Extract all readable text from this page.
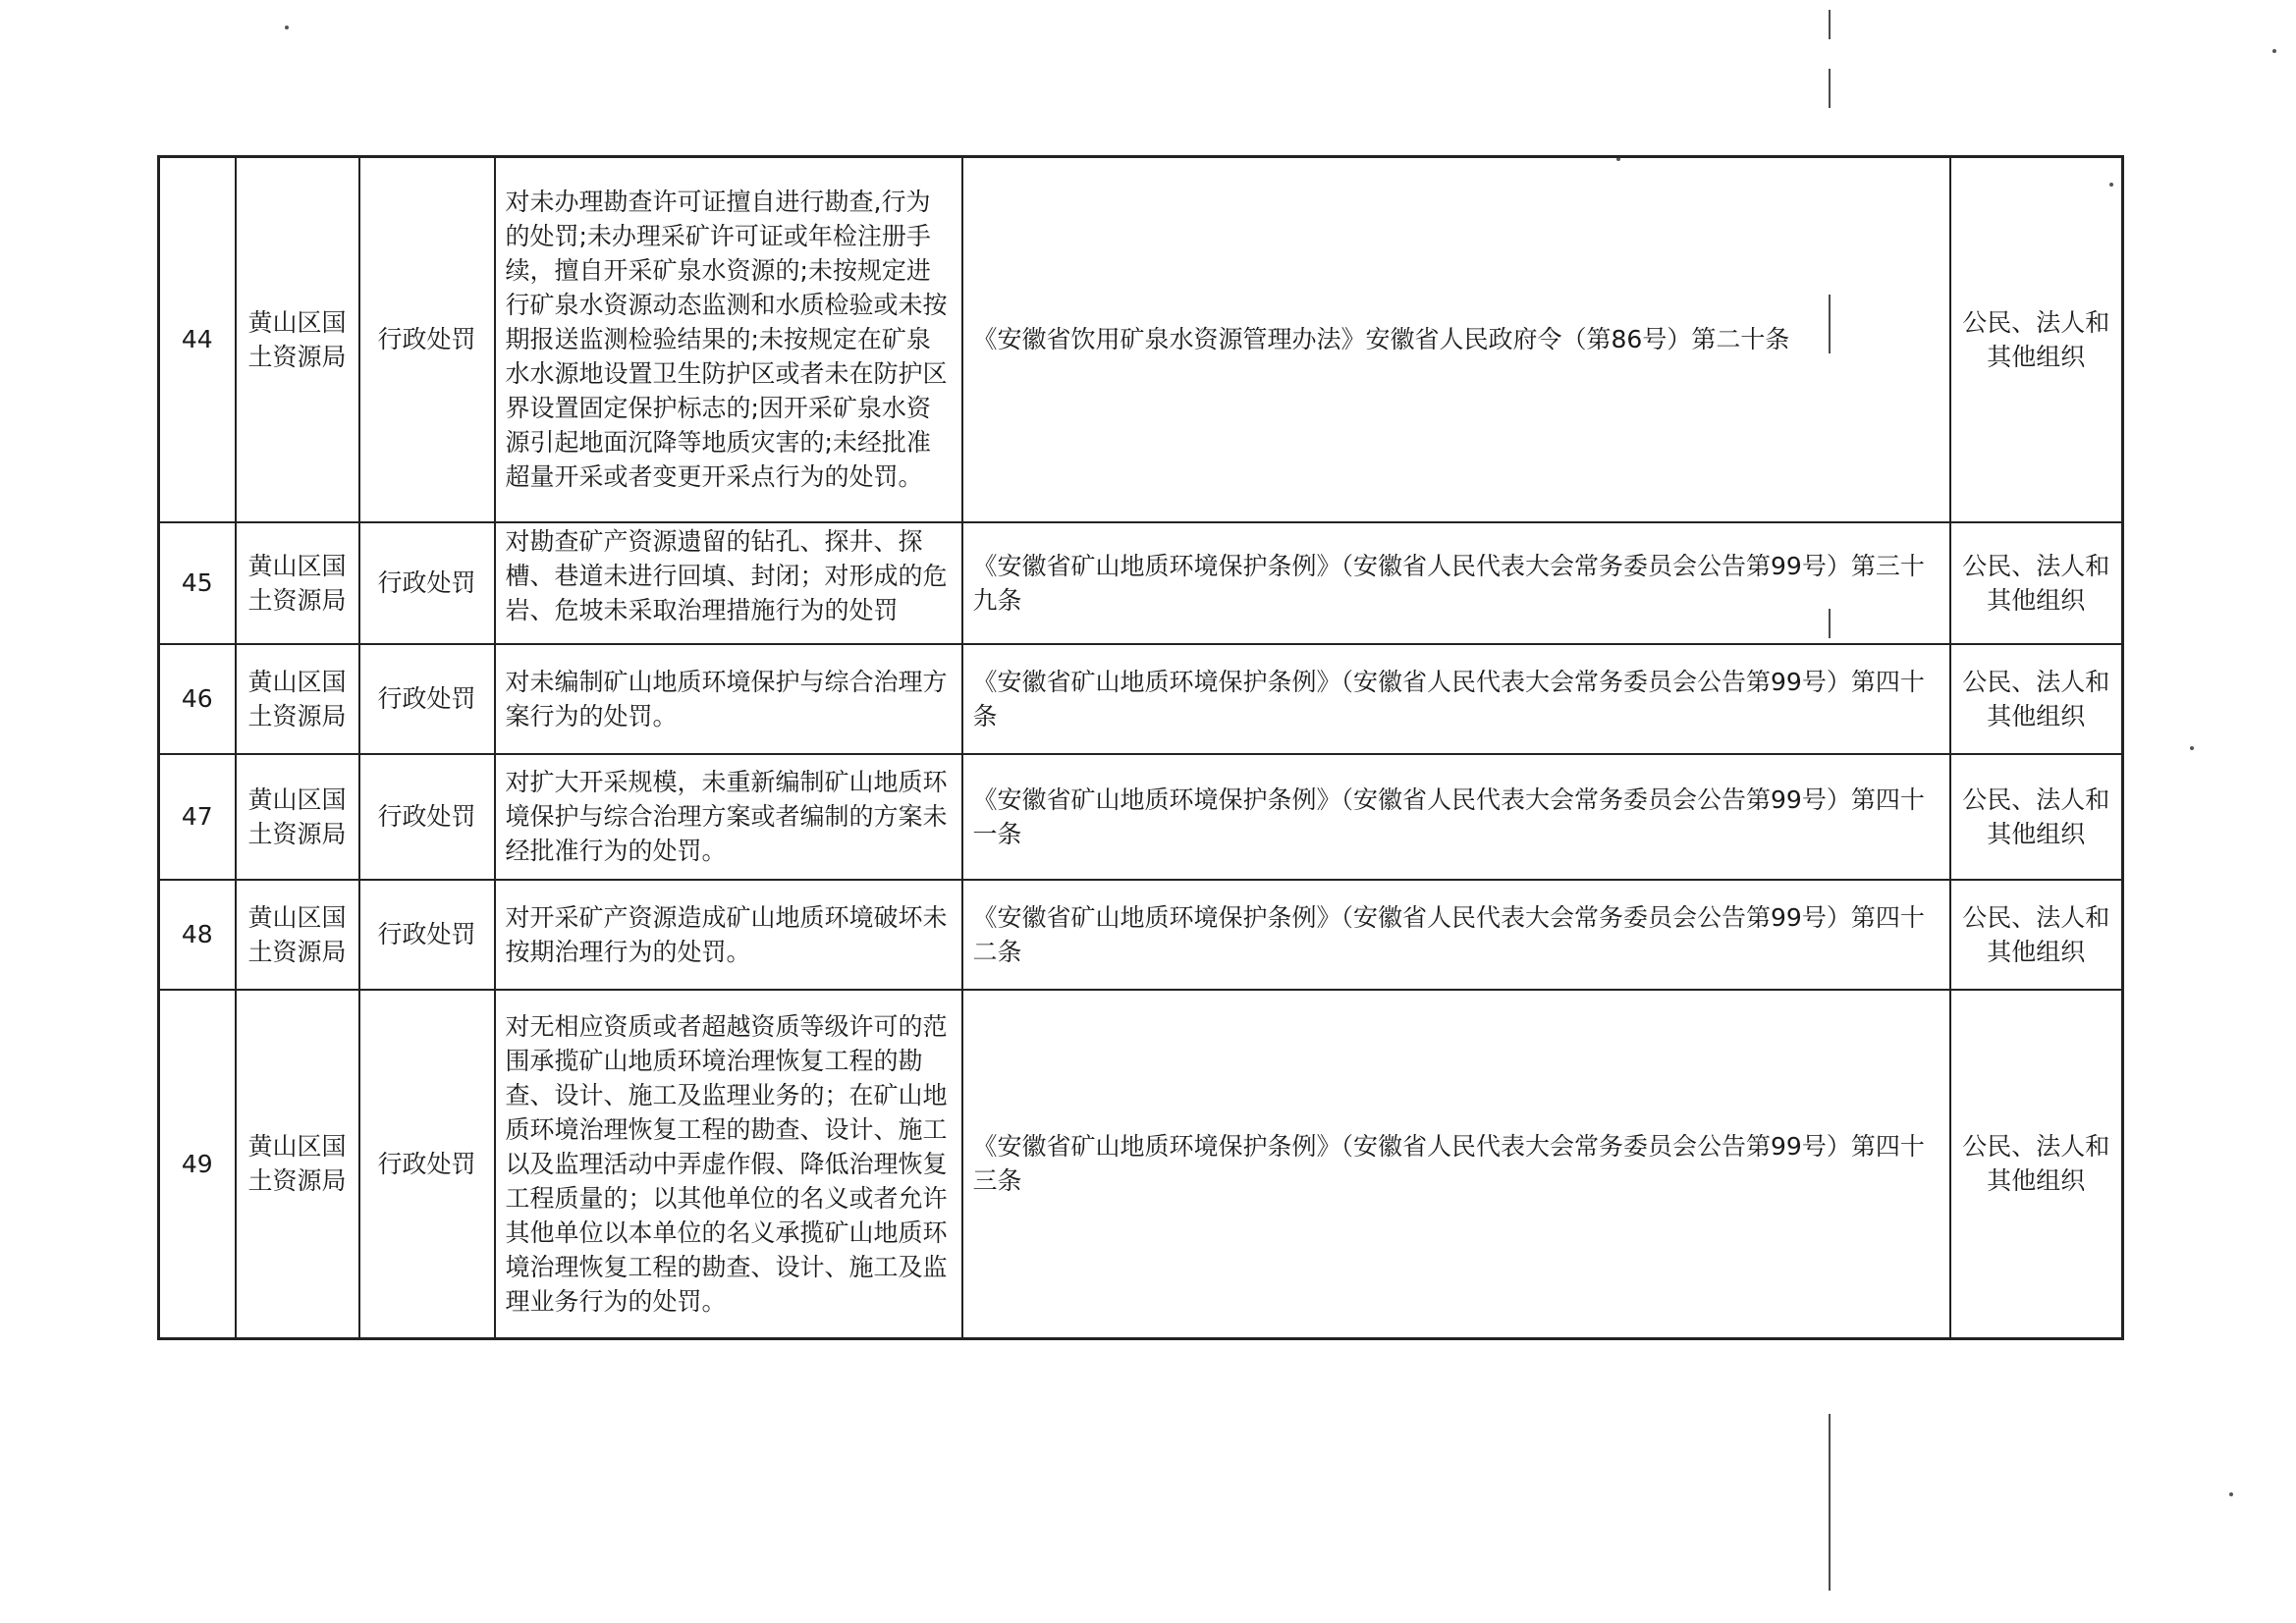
44	黄山区国土资源局	行政处罚	对未办理勘查许可证擅自进行勘查,行为的处罚;未办理采矿许可证或年检注册手续，擅自开采矿泉水资源的;未按规定进行矿泉水资源动态监测和水质检验或未按期报送监测检验结果的;未按规定在矿泉水水源地设置卫生防护区或者未在防护区界设置固定保护标志的;因开采矿泉水资源引起地面沉降等地质灾害的;未经批准超量开采或者变更开采点行为的处罚。	《安徽省饮用矿泉水资源管理办法》安徽省人民政府令（第86号）第二十条	公民、法人和其他组织
45	黄山区国土资源局	行政处罚	对勘查矿产资源遗留的钻孔、探井、探槽、巷道未进行回填、封闭；对形成的危岩、危坡未采取治理措施行为的处罚	《安徽省矿山地质环境保护条例》（安徽省人民代表大会常务委员会公告第99号）第三十九条	公民、法人和其他组织
46	黄山区国土资源局	行政处罚	对未编制矿山地质环境保护与综合治理方案行为的处罚。	《安徽省矿山地质环境保护条例》（安徽省人民代表大会常务委员会公告第99号）第四十条	公民、法人和其他组织
47	黄山区国土资源局	行政处罚	对扩大开采规模，未重新编制矿山地质环境保护与综合治理方案或者编制的方案未经批准行为的处罚。	《安徽省矿山地质环境保护条例》（安徽省人民代表大会常务委员会公告第99号）第四十一条	公民、法人和其他组织
48	黄山区国土资源局	行政处罚	对开采矿产资源造成矿山地质环境破坏未按期治理行为的处罚。	《安徽省矿山地质环境保护条例》（安徽省人民代表大会常务委员会公告第99号）第四十二条	公民、法人和其他组织
49	黄山区国土资源局	行政处罚	对无相应资质或者超越资质等级许可的范围承揽矿山地质环境治理恢复工程的勘查、设计、施工及监理业务的；在矿山地质环境治理恢复工程的勘查、设计、施工以及监理活动中弄虚作假、降低治理恢复工程质量的；以其他单位的名义或者允许其他单位以本单位的名义承揽矿山地质环境治理恢复工程的勘查、设计、施工及监理业务行为的处罚。	《安徽省矿山地质环境保护条例》（安徽省人民代表大会常务委员会公告第99号）第四十三条	公民、法人和其他组织
